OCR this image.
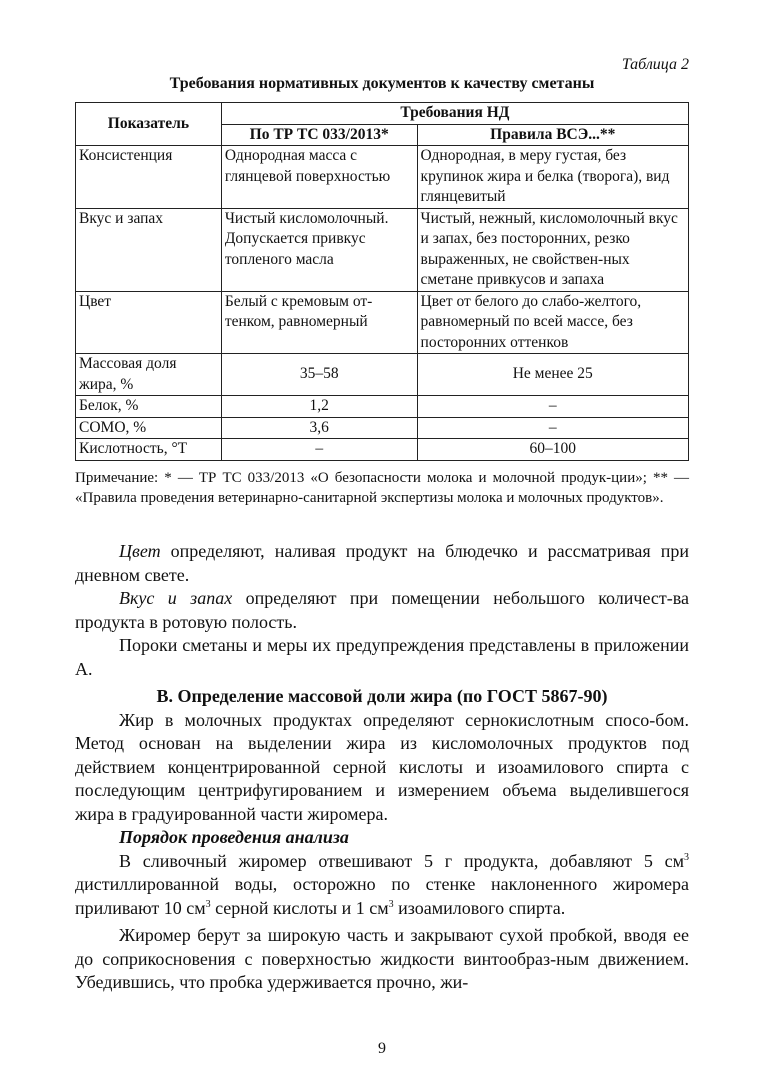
Таблица 2
Требования нормативных документов к качеству сметаны
Показатель	Требования НД	
	По ТР ТС 033/2013*	Правила ВСЭ...**
Консистенция	Однородная масса с глянцевой поверхностью	Однородная, в меру густая, без крупинок жира и белка (творога), вид глянцевитый
Вкус и запах	Чистый кисломолочный. Допускается привкус топленого масла	Чистый, нежный, кисломолочный вкус и запах, без посторонних, резко выраженных, не свойствен-ных сметане привкусов и запаха
Цвет	Белый с кремовым от-тенком, равномерный	Цвет от белого до слабо-желтого, равномерный по всей массе, без посторонних оттенков
Массовая доля жира, %	35–58	Не менее 25
Белок, %	1,2	–
СОМО, %	3,6	–
Кислотность, °Т	–	60–100
Примечание: * — ТР ТС 033/2013 «О безопасности молока и молочной продук-ции»; ** — «Правила проведения ветеринарно-санитарной экспертизы молока и молочных продуктов».

Цвет определяют, наливая продукт на блюдечко и рассматривая при дневном свете.

Вкус и запах определяют при помещении небольшого количест-ва продукта в ротовую полость.

Пороки сметаны и меры их предупреждения представлены в приложении А.

В. Определение массовой доли жира (по ГОСТ 5867-90)

Жир в молочных продуктах определяют сернокислотным спосо-бом. Метод основан на выделении жира из кисломолочных продуктов под действием концентрированной серной кислоты и изоамилового спирта с последующим центрифугированием и измерением объема выделившегося жира в градуированной части жиромера.

Порядок проведения анализа

В сливочный жиромер отвешивают 5 г продукта, добавляют 5 $см^3$ дистиллированной воды, осторожно по стенке наклоненного жиромера приливают 10 $см^3$ серной кислоты и 1 $см^3$ изоамилового спирта.

Жиромер берут за широкую часть и закрывают сухой пробкой, вводя ее до соприкосновения с поверхностью жидкости винтообраз-ным движением. Убедившись, что пробка удерживается прочно, жи-

9
